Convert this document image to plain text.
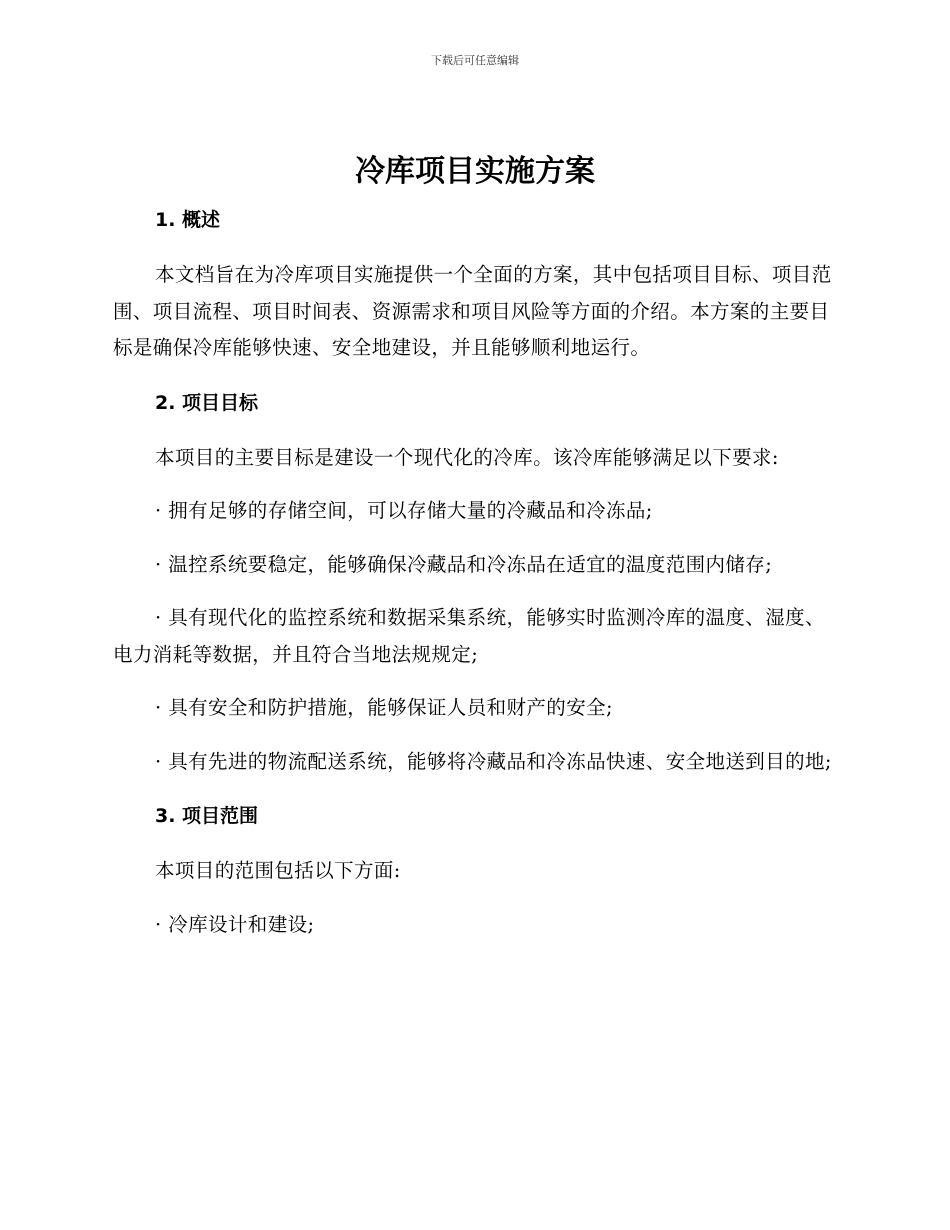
下载后可任意编辑
冷库项目实施方案
1. 概述

本文档旨在为冷库项目实施提供一个全面的方案，其中包括项目目标、项目范围、项目流程、项目时间表、资源需求和项目风险等方面的介绍。本方案的主要目标是确保冷库能够快速、安全地建设，并且能够顺利地运行。

2. 项目目标

本项目的主要目标是建设一个现代化的冷库。该冷库能够满足以下要求:

· 拥有足够的存储空间，可以存储大量的冷藏品和冷冻品;

· 温控系统要稳定，能够确保冷藏品和冷冻品在适宜的温度范围内储存;

· 具有现代化的监控系统和数据采集系统，能够实时监测冷库的温度、湿度、电力消耗等数据，并且符合当地法规规定;

· 具有安全和防护措施，能够保证人员和财产的安全;

· 具有先进的物流配送系统，能够将冷藏品和冷冻品快速、安全地送到目的地;

3. 项目范围

本项目的范围包括以下方面:

· 冷库设计和建设;
